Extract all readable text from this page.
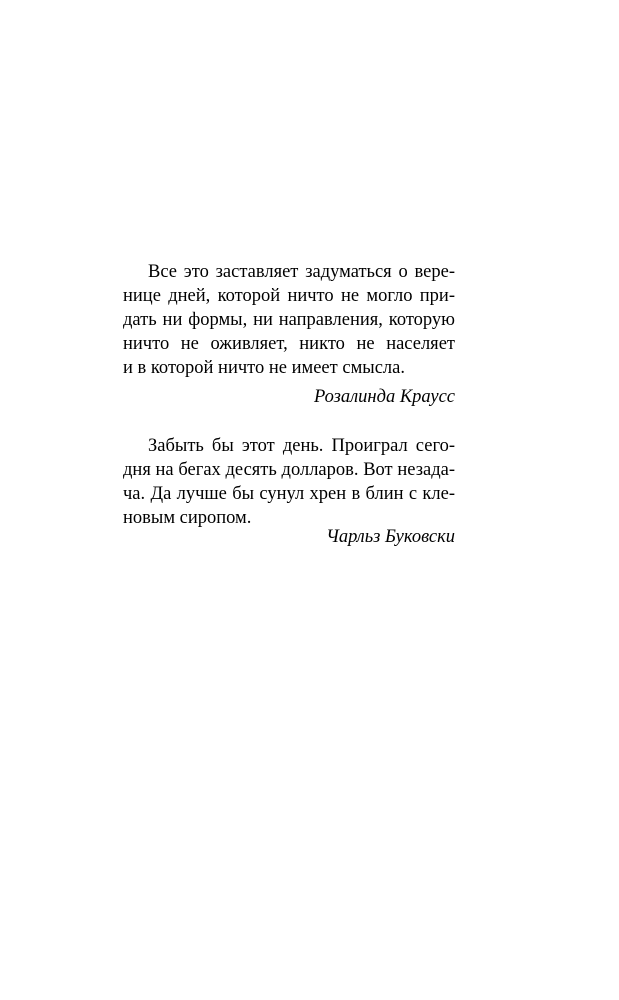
Все это заставляет задуматься о вере-
нице дней, которой ничто не могло при-
дать ни формы, ни направления, которую
ничто не оживляет, никто не населяет
и в которой ничто не имеет смысла.
Розалинда Краусс
Забыть бы этот день. Проиграл сего-
дня на бегах десять долларов. Вот незада-
ча. Да лучше бы сунул хрен в блин с кле-
новым сиропом.
Чарльз Буковски
